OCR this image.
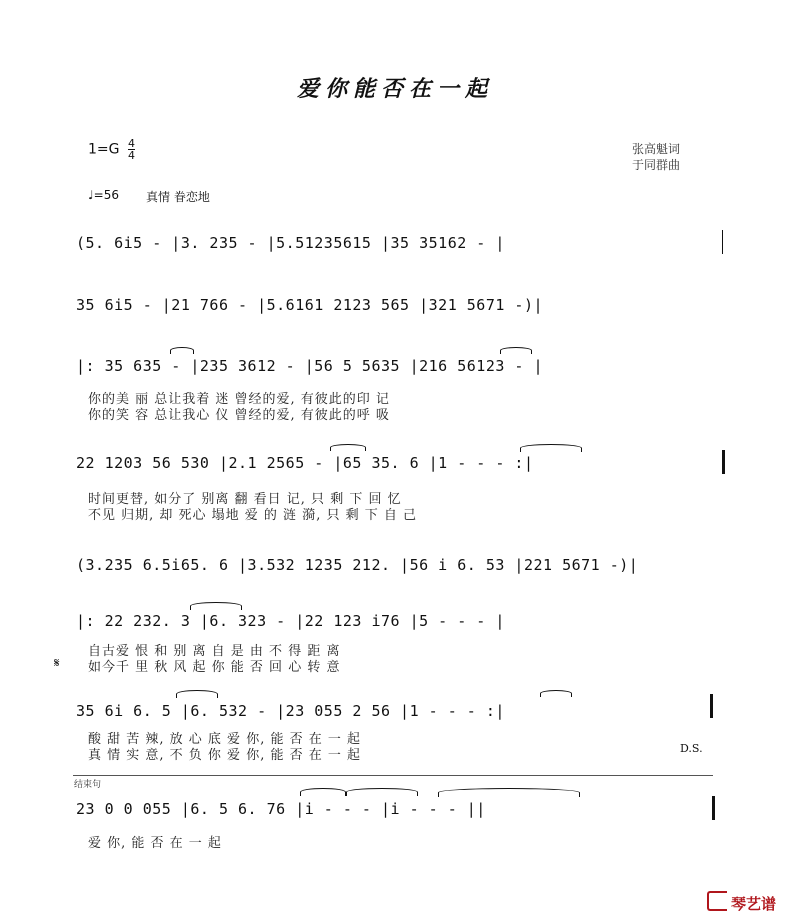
爱你能否在一起
$1=G \frac{4}{4}$	张高魁词
于同群曲
♩=56 真情 眷恋地
(5. 6i5 - |3. 235 - |5.51235615 |35 35162 - |
35 6i5 - |21 766 - |5.6161 2123 565 |321 5671 -)|
|: 35 635 - |235 3612 - |56 5 5635 |216 56123 - |
你的美 丽 总让我着 迷 曾经的爱, 有彼此的印 记
你的笑 容 总让我心 仪 曾经的爱, 有彼此的呼 吸
22 1203 56 530 |2.1 2565 - |65 35. 6 |1 - - - :|
时间更替, 如分了 别离 翻 看日 记, 只 剩 下 回 忆
不见 归期, 却 死心 塌地 爱 的 涟 漪, 只 剩 下 自 己
(3.235 6.5i65. 6 |3.532 1235 212. |56 i 6. 53 |221 5671 -)|
|: 22 232. 3 |6. 323 - |22 123 i76 |5 - - - |
自古爱 恨 和 别 离 自 是 由 不 得 距 离
如今千 里 秋 风 起 你 能 否 回 心 转 意
𝄋
35 6i 6. 5 |6. 532 - |23 055 2 56 |1 - - - :|
酸 甜 苦 辣, 放 心 底 爱 你, 能 否 在 一 起
真 情 实 意, 不 负 你 爱 你, 能 否 在 一 起	D.S.
结束句
23 0 0 055 |6. 5 6. 76 |i - - - |i - - - ||
爱 你, 能 否 在 一 起
琴艺谱
